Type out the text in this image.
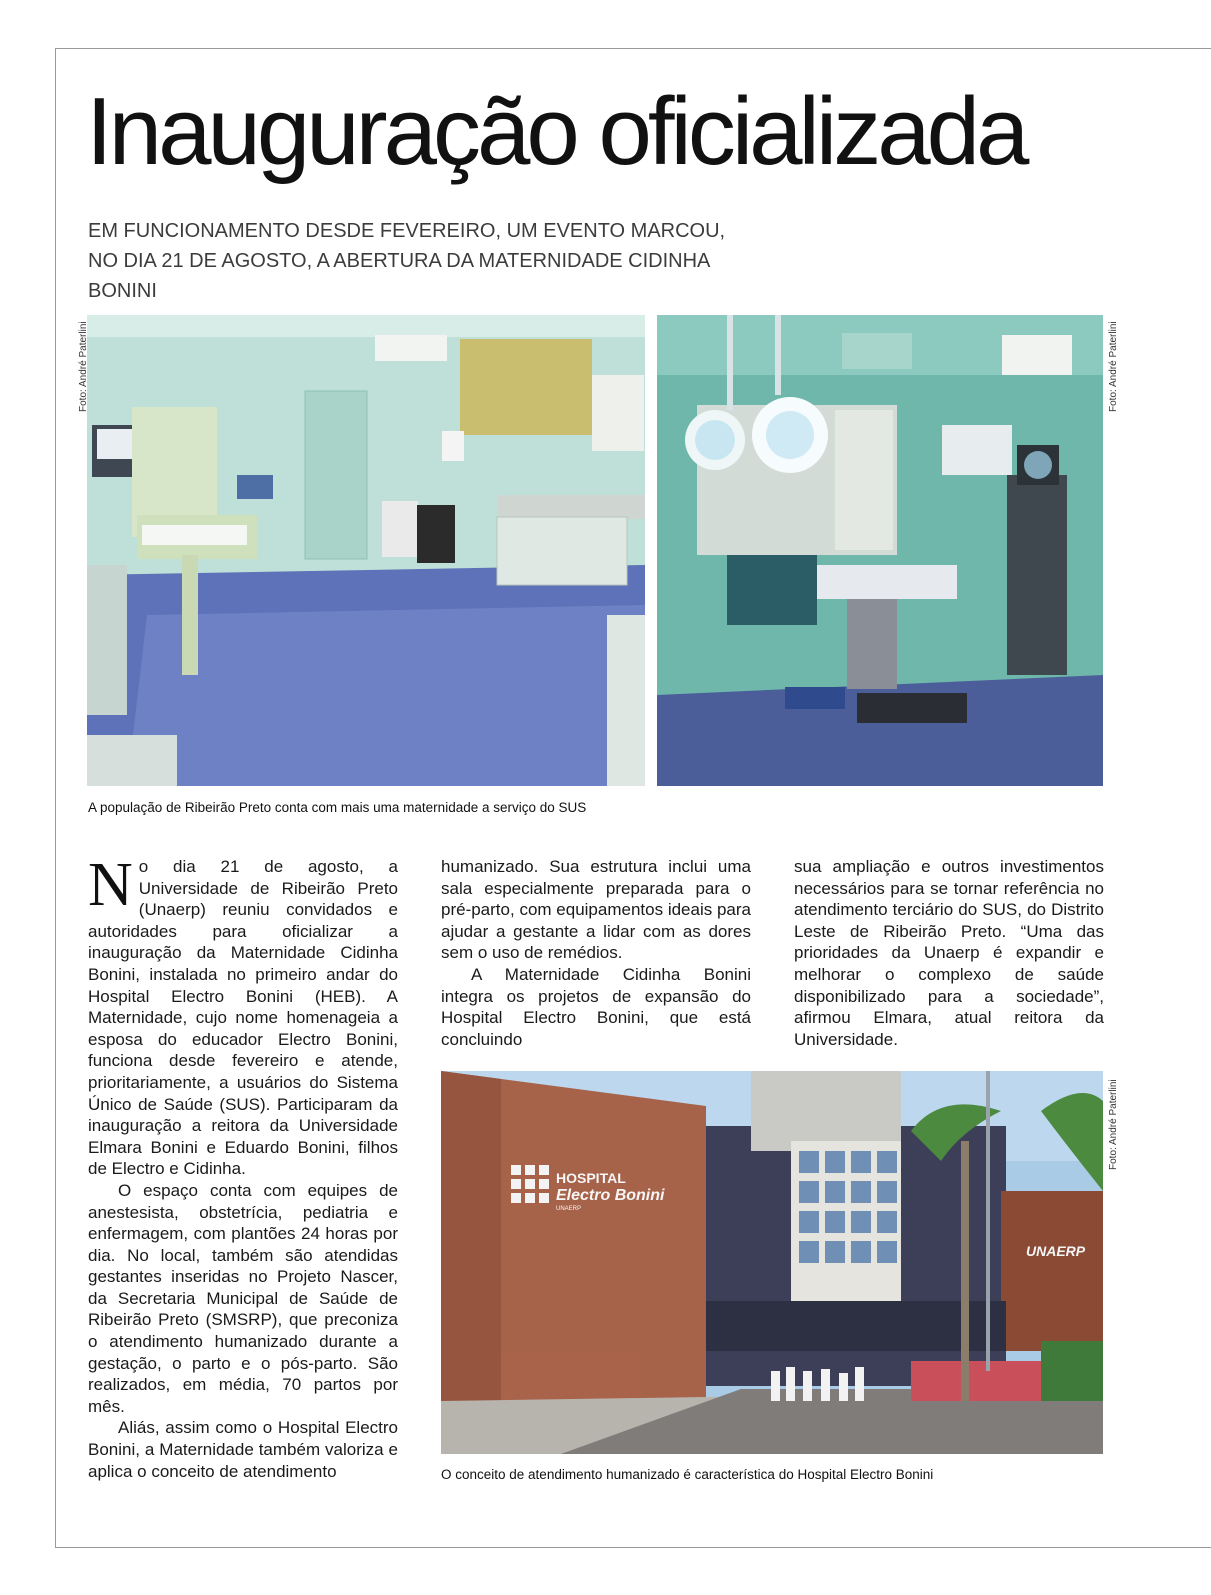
Inauguração oficializada
EM FUNCIONAMENTO DESDE FEVEREIRO, UM EVENTO MARCOU, NO DIA 21 DE AGOSTO, A ABERTURA DA MATERNIDADE CIDINHA BONINI
Foto: André Paterlini	Foto: André Paterlini
A população de Ribeirão Preto conta com mais uma maternidade a serviço do SUS

No dia 21 de agosto, a Universidade de Ribeirão Preto (Unaerp) reuniu convidados e autoridades para oficializar a inauguração da Maternidade Cidinha Bonini, instalada no primeiro andar do Hospital Electro Bonini (HEB). A Maternidade, cujo nome homenageia a esposa do educador Electro Bonini, funciona desde fevereiro e atende, prioritariamente, a usuários do Sistema Único de Saúde (SUS). Participaram da inauguração a reitora da Universidade Elmara Bonini e Eduardo Bonini, filhos de Electro e Cidinha.

O espaço conta com equipes de anestesista, obstetrícia, pediatria e enfermagem, com plantões 24 horas por dia. No local, também são atendidas gestantes inseridas no Projeto Nascer, da Secretaria Municipal de Saúde de Ribeirão Preto (SMSRP), que preconiza o atendimento humanizado durante a gestação, o parto e o pós-parto. São realizados, em média, 70 partos por mês.

Aliás, assim como o Hospital Electro Bonini, a Maternidade também valoriza e aplica o conceito de atendimento

humanizado. Sua estrutura inclui uma sala especialmente preparada para o pré-parto, com equipamentos ideais para ajudar a gestante a lidar com as dores sem o uso de remédios.

A Maternidade Cidinha Bonini integra os projetos de expansão do Hospital Electro Bonini, que está concluindo

sua ampliação e outros investimentos necessários para se tornar referência no atendimento terciário do SUS, do Distrito Leste de Ribeirão Preto. “Uma das prioridades da Unaerp é expandir e melhorar o complexo de saúde disponibilizado para a sociedade”, afirmou Elmara, atual reitora da Universidade.

HOSPITAL
Electro Bonini
UNAERP
UNAERP
Foto: André Paterlini
O conceito de atendimento humanizado é característica do Hospital Electro Bonini
